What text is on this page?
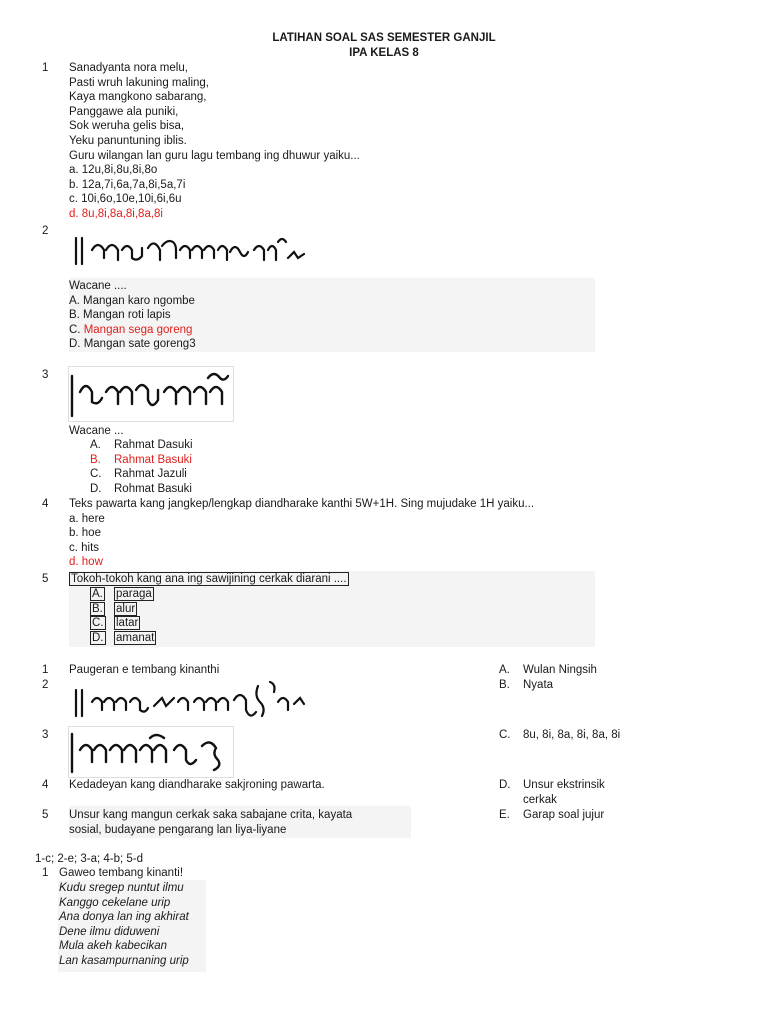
LATIHAN SOAL SAS SEMESTER GANJIL
IPA KELAS 8
1 Sanadyanta nora melu,
Pasti wruh lakuning maling,
Kaya mangkono sabarang,
Panggawe ala puniki,
Sok weruha gelis bisa,
Yeku panuntuning iblis.
Guru wilangan lan guru lagu tembang ing dhuwur yaiku...
a. 12u,8i,8u,8i,8o
b. 12a,7i,6a,7a,8i,5a,7i
c. 10i,6o,10e,10i,6i,6u
d. 8u,8i,8a,8i,8a,8i
2
Wacane ....
A. Mangan karo ngombe
B. Mangan roti lapis
C. Mangan sega goreng
D. Mangan sate goreng3
3
Wacane ...
A.
B.
C.
D.
Rahmat Dasuki
Rahmat Basuki
Rahmat Jazuli
Rohmat Basuki
4 Teks pawarta kang jangkep/lengkap diandharake kanthi 5W+1H. Sing mujudake 1H yaiku...
a. here
b. hoe
c. hits
d. how
5 Tokoh-tokoh kang ana ing sawijining cerkak diarani ....
A.
B.
C.
D.
paraga
alur
latar
amanat
1 Paugeran e tembang kinanthi
2
3
4 Kedadeyan kang diandharake sakjroning pawarta.
5 Unsur kang mangun cerkak saka sabajane crita, kayata
sosial, budayane pengarang lan liya-liyane
A. Wulan Ningsih
B. Nyata
C. 8u, 8i, 8a, 8i, 8a, 8i
D. Unsur ekstrinsik
cerkak
E. Garap soal jujur
1-c; 2-e; 3-a; 4-b; 5-d
1 Gaweo tembang kinanti!
Kudu sregep nuntut ilmu
Kanggo cekelane urip
Ana donya lan ing akhirat
Dene ilmu diduweni
Mula akeh kabecikan
Lan kasampurnaning urip
